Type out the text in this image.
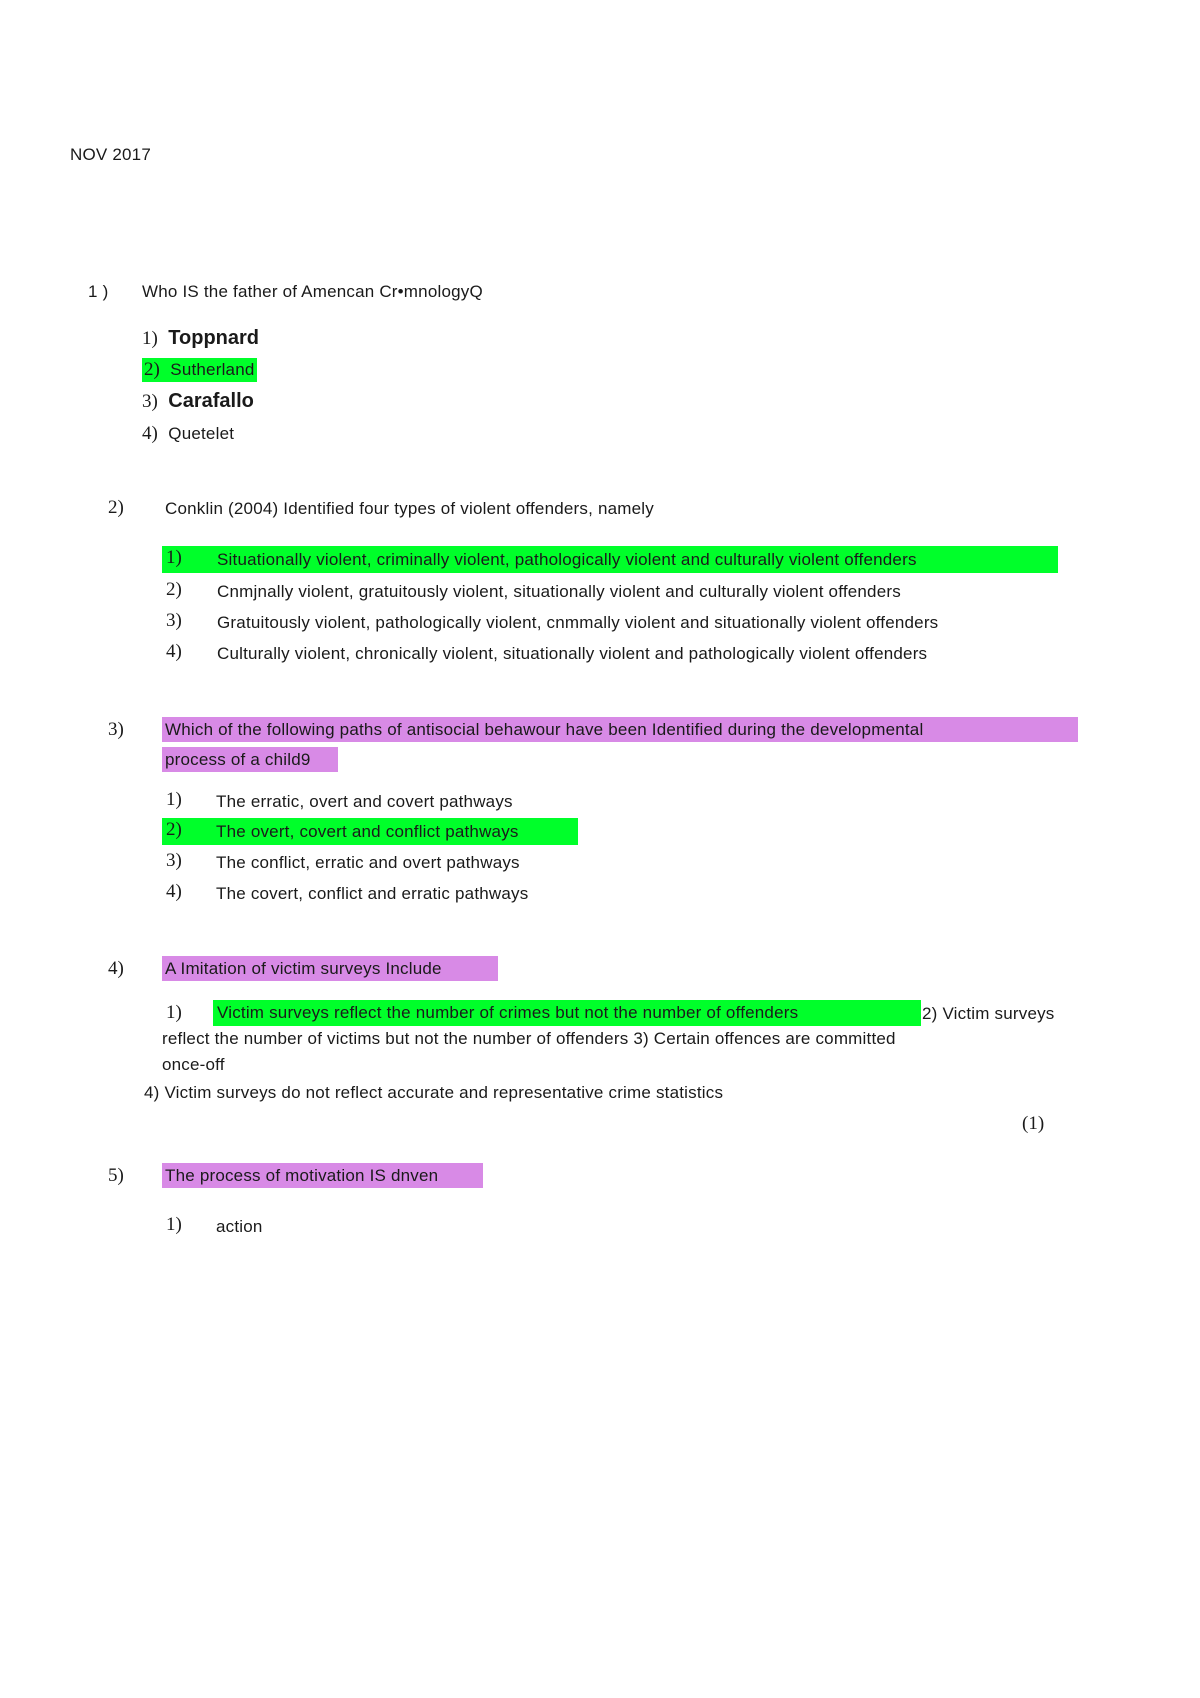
NOV 2017
1 ) Who IS the father of Amencan Cr•mnologyQ
1) Toppnard
2) Sutherland
3) Carafallo
4) Quetelet
2) Conklin (2004) Identified four types of violent offenders, namely
1) Situationally violent, criminally violent, pathologically violent and culturally violent offenders
2) Cnmjnally violent, gratuitously violent, situationally violent and culturally violent offenders
3) Gratuitously violent, pathologically violent, cnmmally violent and situationally violent offenders
4) Culturally violent, chronically violent, situationally violent and pathologically violent offenders
3) Which of the following paths of antisocial behawour have been Identified during the developmental
process of a child9
1) The erratic, overt and covert pathways
2) The overt, covert and conflict pathways
3) The conflict, erratic and overt pathways
4) The covert, conflict and erratic pathways
4) A Imitation of victim surveys Include
1) Victim surveys reflect the number of crimes but not the number of offenders	2) Victim surveys
reflect the number of victims but not the number of offenders 3) Certain offences are committed
once-off
4) Victim surveys do not reflect accurate and representative crime statistics
(1)
5) The process of motivation IS dnven
1) action
